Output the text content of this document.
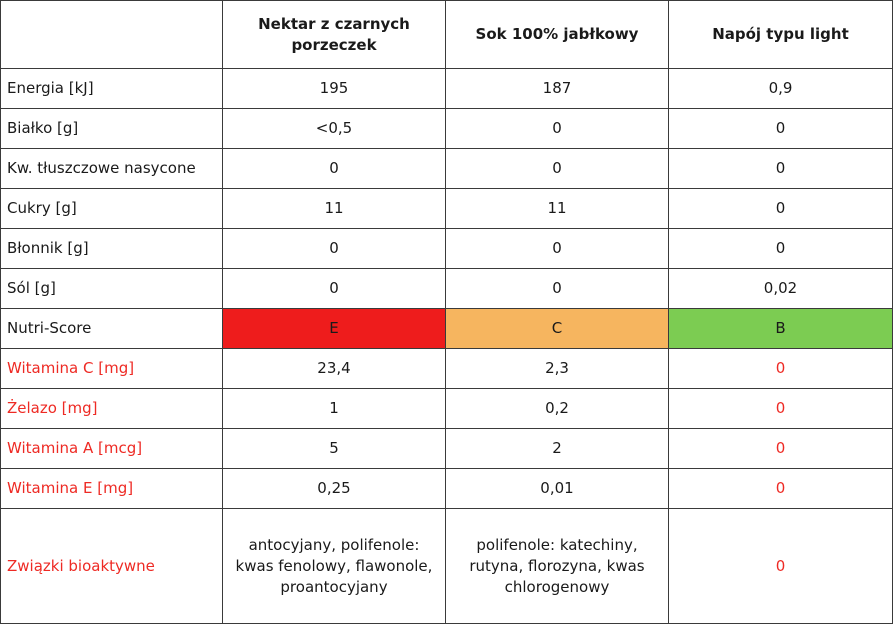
	Nektar z czarnych porzeczek	Sok 100% jabłkowy	Napój typu light
Energia [kJ]	195	187	0,9
Białko [g]	<0,5	0	0
Kw. tłuszczowe nasycone	0	0	0
Cukry [g]	11	11	0
Błonnik [g]	0	0	0
Sól [g]	0	0	0,02
Nutri-Score	E	C	B
Witamina C [mg]	23,4	2,3	0
Żelazo [mg]	1	0,2	0
Witamina A [mcg]	5	2	0
Witamina E [mg]	0,25	0,01	0
Związki bioaktywne	antocyjany, polifenole: kwas fenolowy, flawonole, proantocyjany	polifenole: katechiny, rutyna, florozyna, kwas chlorogenowy	0
